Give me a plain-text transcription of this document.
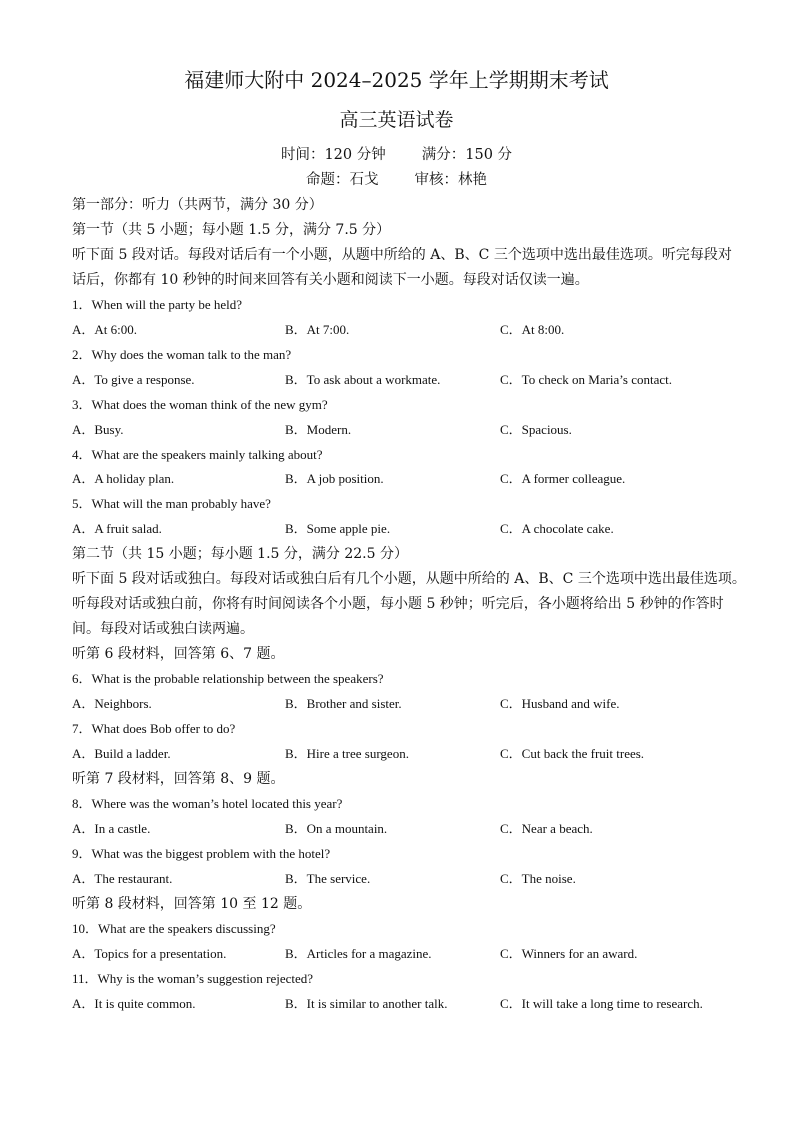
福建师大附中 2024–2025 学年上学期期末考试
高三英语试卷
时间：120 分钟 满分：150 分
命题：石戈 审核：林艳
第一部分：听力（共两节，满分 30 分）
第一节（共 5 小题；每小题 1.5 分，满分 7.5 分）
听下面 5 段对话。每段对话后有一个小题，从题中所给的 A、B、C 三个选项中选出最佳选项。听完每段对
话后，你都有 10 秒钟的时间来回答有关小题和阅读下一小题。每段对话仅读一遍。
1．When will the party be held?
A．At 6:00.	B．At 7:00.	C．At 8:00.
2．Why does the woman talk to the man?
A．To give a response.	B．To ask about a workmate.	C．To check on Maria’s contact.
3．What does the woman think of the new gym?
A．Busy.	B．Modern.	C．Spacious.
4．What are the speakers mainly talking about?
A．A holiday plan.	B．A job position.	C．A former colleague.
5．What will the man probably have?
A．A fruit salad.	B．Some apple pie.	C．A chocolate cake.
第二节（共 15 小题；每小题 1.5 分，满分 22.5 分）
听下面 5 段对话或独白。每段对话或独白后有几个小题，从题中所给的 A、B、C 三个选项中选出最佳选项。
听每段对话或独白前，你将有时间阅读各个小题，每小题 5 秒钟；听完后，各小题将给出 5 秒钟的作答时
间。每段对话或独白读两遍。
听第 6 段材料，回答第 6、7 题。
6．What is the probable relationship between the speakers?
A．Neighbors.	B．Brother and sister.	C．Husband and wife.
7．What does Bob offer to do?
A．Build a ladder.	B．Hire a tree surgeon.	C．Cut back the fruit trees.
听第 7 段材料，回答第 8、9 题。
8．Where was the woman’s hotel located this year?
A．In a castle.	B．On a mountain.	C．Near a beach.
9．What was the biggest problem with the hotel?
A．The restaurant.	B．The service.	C．The noise.
听第 8 段材料，回答第 10 至 12 题。
10．What are the speakers discussing?
A．Topics for a presentation.	B．Articles for a magazine.	C．Winners for an award.
11．Why is the woman’s suggestion rejected?
A．It is quite common.	B．It is similar to another talk.	C．It will take a long time to research.
